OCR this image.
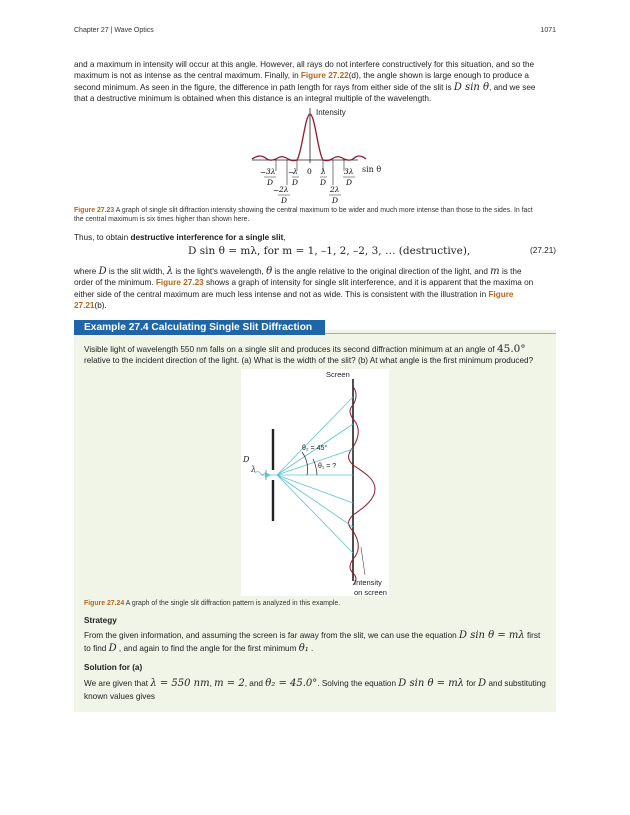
Chapter 27 | Wave Optics	1071
and a maximum in intensity will occur at this angle. However, all rays do not interfere constructively for this situation, and so the
maximum is not as intense as the central maximum. Finally, in Figure 27.22(d), the angle shown is large enough to produce a
second minimum. As seen in the figure, the difference in path length for rays from either side of the slit is D sin θ, and we see
that a destructive minimum is obtained when this distance is an integral multiple of the wavelength.
− 3λ
D
−
λ
D
0 λ
D
3λ
D
− 2λ
D
2λ
D
Intensity
sin θ
Figure 27.23 A graph of single slit diffraction intensity showing the central maximum to be wider and much more intense than those to the sides. In fact
the central maximum is six times higher than shown here.
Thus, to obtain destructive interference for a single slit,
D sin θ = mλ, for m = 1, –1, 2, –2, 3, … (destructive),	(27.21)
where D is the slit width, λ is the light's wavelength, θ is the angle relative to the original direction of the light, and m is the
order of the minimum. Figure 27.23 shows a graph of intensity for single slit interference, and it is apparent that the maxima on
either side of the central maximum are much less intense and not as wide. This is consistent with the illustration in Figure
27.21(b).
Example 27.4 Calculating Single Slit Diffraction
Visible light of wavelength 550 nm falls on a single slit and produces its second diffraction minimum at an angle of 45.0°
relative to the incident direction of the light. (a) What is the width of the slit? (b) At what angle is the first minimum produced?
Screen
D
λ
θ₂ = 45°
θ₁ = ?
Intensity
on screen
Figure 27.24 A graph of the single slit diffraction pattern is analyzed in this example.
Strategy
From the given information, and assuming the screen is far away from the slit, we can use the equation D sin θ = mλ first
to find D , and again to find the angle for the first minimum θ₁ .
Solution for (a)
We are given that λ = 550 nm, m = 2, and θ₂ = 45.0°. Solving the equation D sin θ = mλ for D and substituting
known values gives
